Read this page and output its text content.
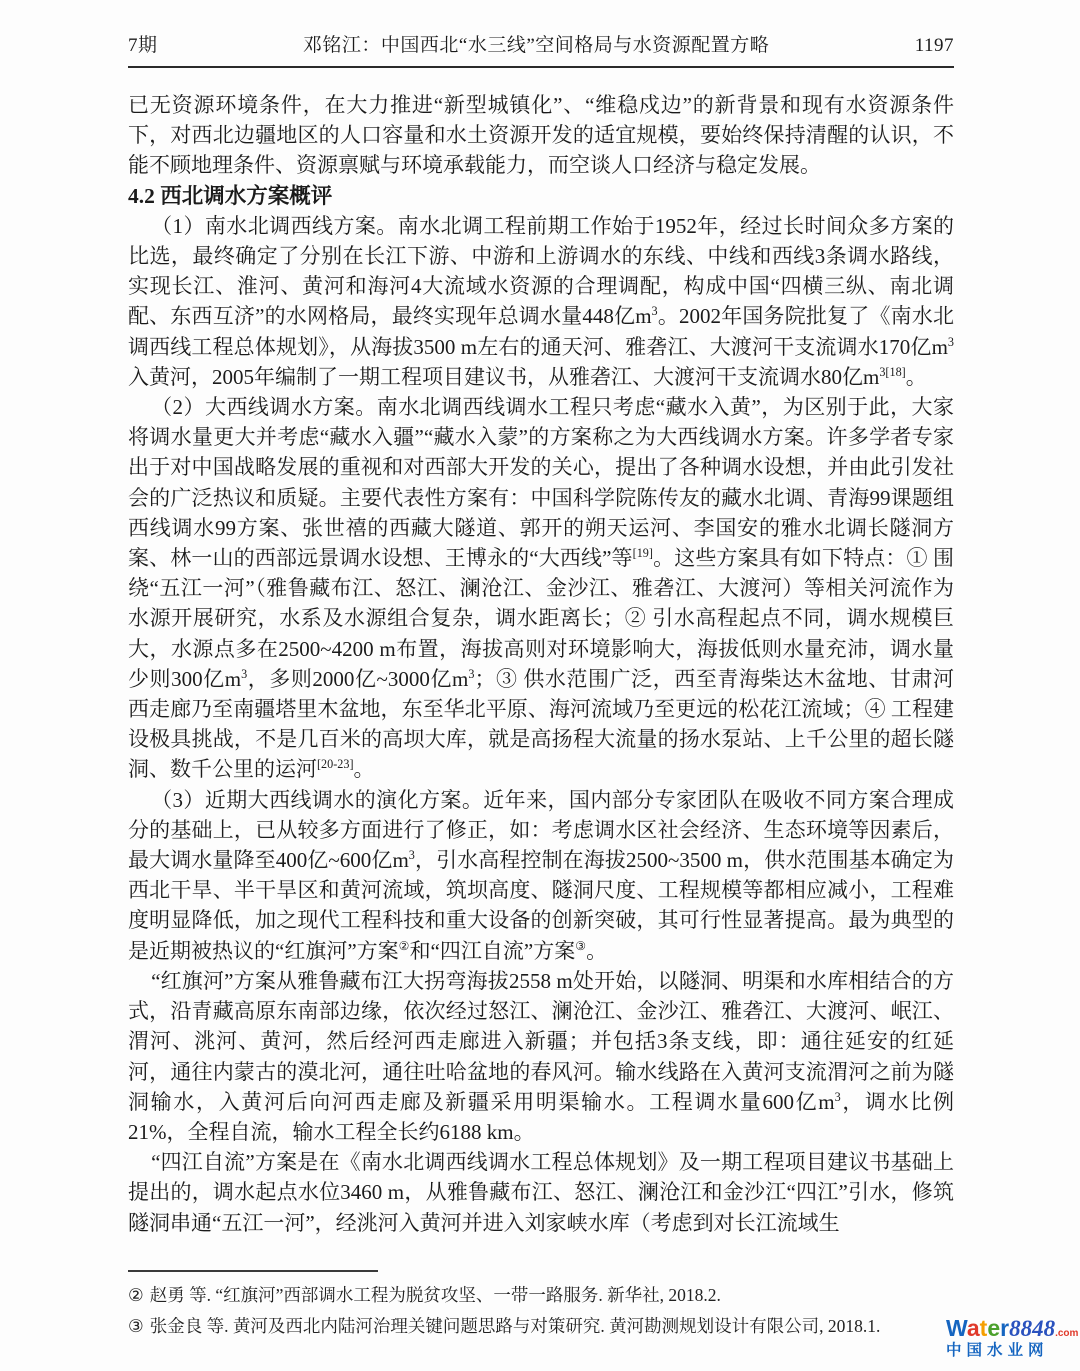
7期	邓铭江：中国西北“水三线”空间格局与水资源配置方略	1197

已无资源环境条件，在大力推进“新型城镇化”、“维稳戍边”的新背景和现有水资源条件下，对西北边疆地区的人口容量和水土资源开发的适宜规模，要始终保持清醒的认识，不能不顾地理条件、资源禀赋与环境承载能力，而空谈人口经济与稳定发展。

4.2 西北调水方案概评

（1）南水北调西线方案。南水北调工程前期工作始于1952年，经过长时间众多方案的比选，最终确定了分别在长江下游、中游和上游调水的东线、中线和西线3条调水路线，实现长江、淮河、黄河和海河4大流域水资源的合理调配，构成中国“四横三纵、南北调配、东西互济”的水网格局，最终实现年总调水量448亿$m^3$。2002年国务院批复了《南水北调西线工程总体规划》，从海拔3500 m左右的通天河、雅砻江、大渡河干支流调水170亿$m^3$入黄河，2005年编制了一期工程项目建议书，从雅砻江、大渡河干支流调水80亿$m^{3[18]}$。

（2）大西线调水方案。南水北调西线调水工程只考虑“藏水入黄”，为区别于此，大家将调水量更大并考虑“藏水入疆”“藏水入蒙”的方案称之为大西线调水方案。许多学者专家出于对中国战略发展的重视和对西部大开发的关心，提出了各种调水设想，并由此引发社会的广泛热议和质疑。主要代表性方案有：中国科学院陈传友的藏水北调、青海99课题组西线调水99方案、张世禧的西藏大隧道、郭开的朔天运河、李国安的雅水北调长隧洞方案、林一山的西部远景调水设想、王博永的“大西线”等[19]。这些方案具有如下特点：① 围绕“五江一河”（雅鲁藏布江、怒江、澜沧江、金沙江、雅砻江、大渡河）等相关河流作为水源开展研究，水系及水源组合复杂，调水距离长；② 引水高程起点不同，调水规模巨大，水源点多在2500~4200 m布置，海拔高则对环境影响大，海拔低则水量充沛，调水量少则300亿$m^3$，多则2000亿~3000亿$m^3$；③ 供水范围广泛，西至青海柴达木盆地、甘肃河西走廊乃至南疆塔里木盆地，东至华北平原、海河流域乃至更远的松花江流域；④ 工程建设极具挑战，不是几百米的高坝大库，就是高扬程大流量的扬水泵站、上千公里的超长隧洞、数千公里的运河[20-23]。

（3）近期大西线调水的演化方案。近年来，国内部分专家团队在吸收不同方案合理成分的基础上，已从较多方面进行了修正，如：考虑调水区社会经济、生态环境等因素后，最大调水量降至400亿~600亿$m^3$，引水高程控制在海拔2500~3500 m，供水范围基本确定为西北干旱、半干旱区和黄河流域，筑坝高度、隧洞尺度、工程规模等都相应减小，工程难度明显降低，加之现代工程科技和重大设备的创新突破，其可行性显著提高。最为典型的是近期被热议的“红旗河”方案②和“四江自流”方案③。

“红旗河”方案从雅鲁藏布江大拐弯海拔2558 m处开始，以隧洞、明渠和水库相结合的方式，沿青藏高原东南部边缘，依次经过怒江、澜沧江、金沙江、雅砻江、大渡河、岷江、渭河、洮河、黄河，然后经河西走廊进入新疆；并包括3条支线，即：通往延安的红延河，通往内蒙古的漠北河，通往吐哈盆地的春风河。输水线路在入黄河支流渭河之前为隧洞输水，入黄河后向河西走廊及新疆采用明渠输水。工程调水量600亿$m^3$，调水比例21%，全程自流，输水工程全长约6188 km。

“四江自流”方案是在《南水北调西线调水工程总体规划》及一期工程项目建议书基础上提出的，调水起点水位3460 m，从雅鲁藏布江、怒江、澜沧江和金沙江“四江”引水，修筑隧洞串通“五江一河”，经洮河入黄河并进入刘家峡水库（考虑到对长江流域生

② 赵勇 等. “红旗河”西部调水工程为脱贫攻坚、一带一路服务. 新华社, 2018.2.
③ 张金良 等. 黄河及西北内陆河治理关键问题思路与对策研究. 黄河勘测规划设计有限公司, 2018.1.	Water8848.com
中国水业网
